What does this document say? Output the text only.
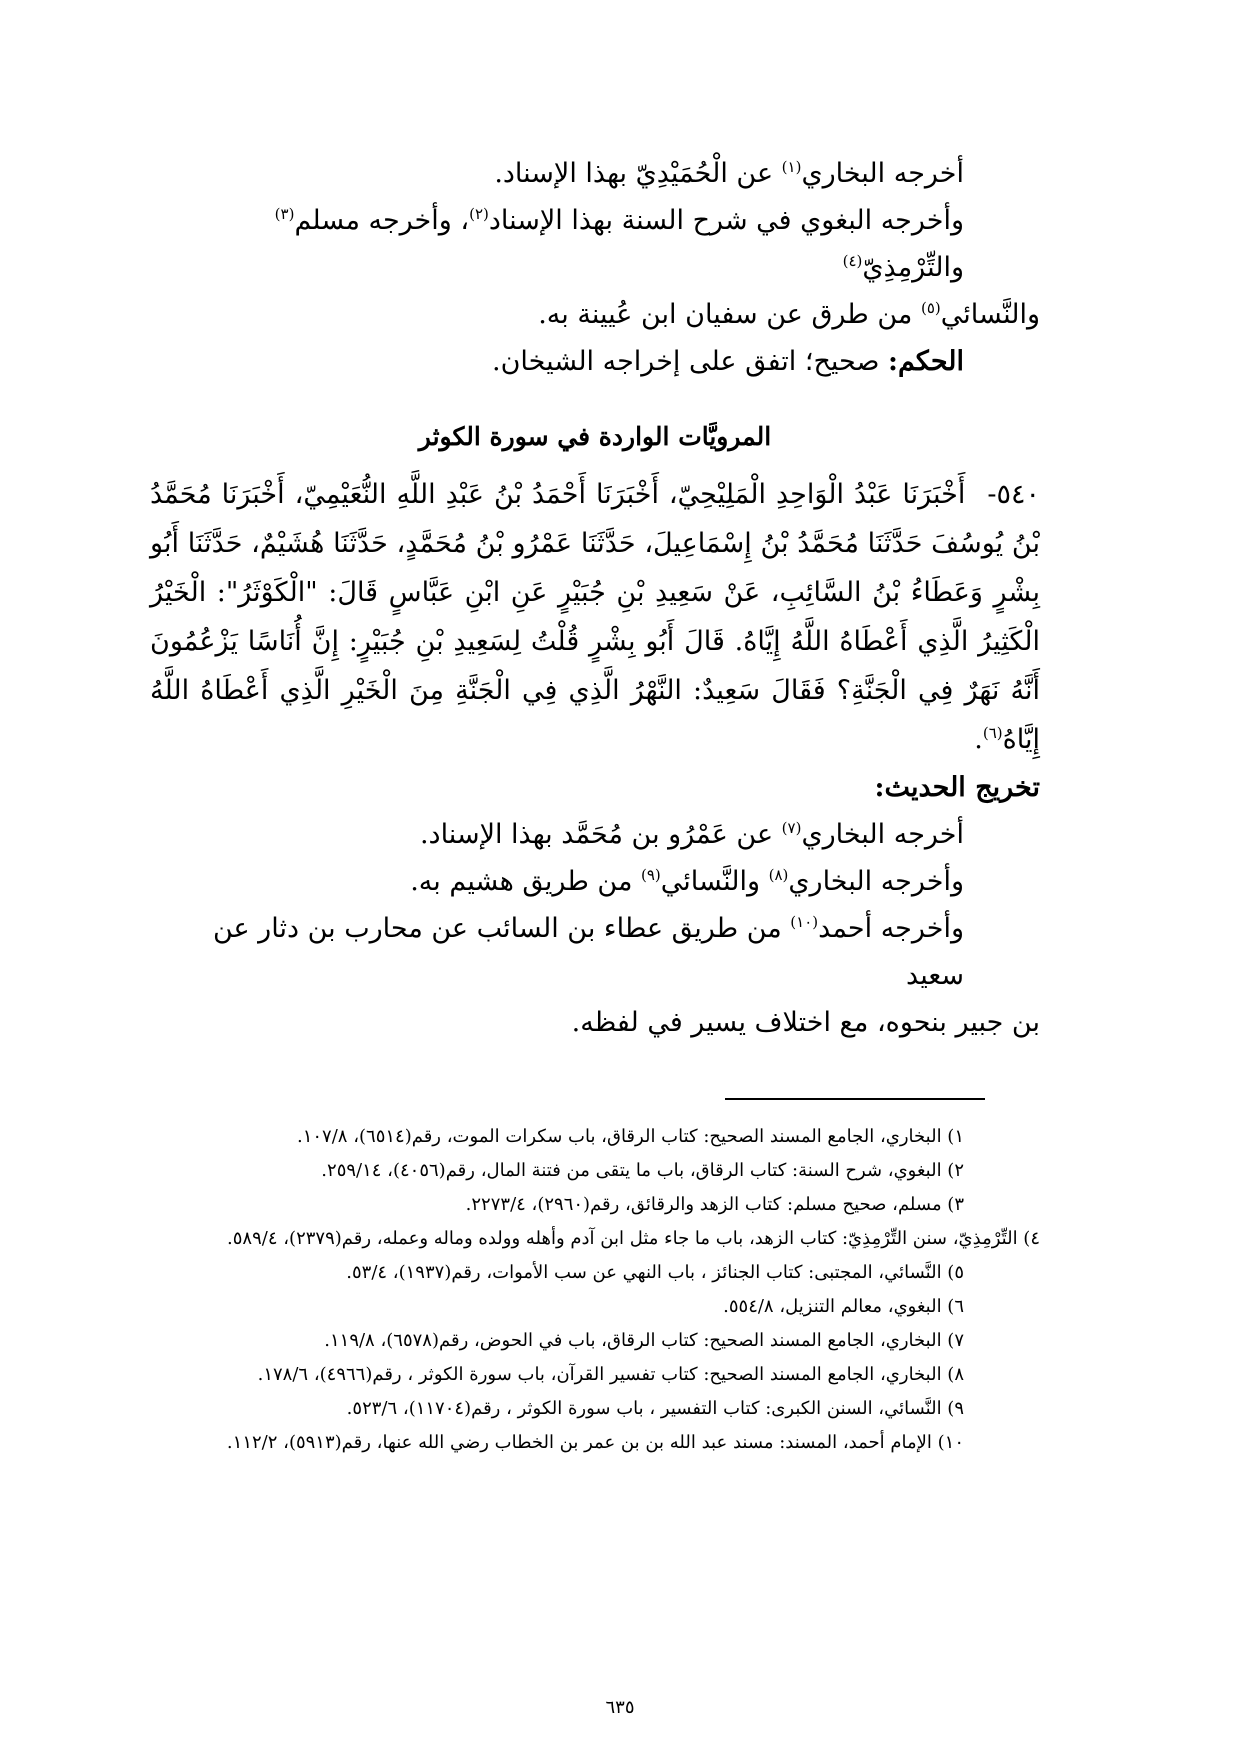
أخرجه البخاري$^{(١)}$ عن الْحُمَيْدِيّ بهذا الإسناد.

وأخرجه البغوي في شرح السنة بهذا الإسناد$^{(٢)}$، وأخرجه مسلم$^{(٣)}$ والتِّرْمِذِيّ$^{(٤)}$

والنَّسائي$^{(٥)}$ من طرق عن سفيان ابن عُيينة به.

الحكم: صحيح؛ اتفق على إخراجه الشيخان.

المرويَّات الواردة في سورة الكوثر

٥٤٠-أَخْبَرَنَا عَبْدُ الْوَاحِدِ الْمَلِيْحِيّ، أَخْبَرَنَا أَحْمَدُ بْنُ عَبْدِ اللَّهِ النُّعَيْمِيّ، أَخْبَرَنَا مُحَمَّدُ بْنُ يُوسُفَ حَدَّثَنَا مُحَمَّدُ بْنُ إِسْمَاعِيلَ، حَدَّثَنَا عَمْرُو بْنُ مُحَمَّدٍ، حَدَّثَنَا هُشَيْمٌ، حَدَّثَنَا أَبُو بِشْرٍ وَعَطَاءُ بْنُ السَّائِبِ، عَنْ سَعِيدِ بْنِ جُبَيْرٍ عَنِ ابْنِ عَبَّاسٍ قَالَ: "الْكَوْثَرُ": الْخَيْرُ الْكَثِيرُ الَّذِي أَعْطَاهُ اللَّهُ إِيَّاهُ. قَالَ أَبُو بِشْرٍ قُلْتُ لِسَعِيدِ بْنِ جُبَيْرٍ: إِنَّ أُنَاسًا يَزْعُمُونَ أَنَّهُ نَهَرٌ فِي الْجَنَّةِ؟ فَقَالَ سَعِيدٌ: النَّهْرُ الَّذِي فِي الْجَنَّةِ مِنَ الْخَيْرِ الَّذِي أَعْطَاهُ اللَّهُ إِيَّاهُ$^{(٦)}$.

تخريج الحديث:

أخرجه البخاري$^{(٧)}$ عن عَمْرُو بن مُحَمَّد بهذا الإسناد.

وأخرجه البخاري$^{(٨)}$ والنَّسائي$^{(٩)}$ من طريق هشيم به.

وأخرجه أحمد$^{(١٠)}$ من طريق عطاء بن السائب عن محارب بن دثار عن سعيد

بن جبير بنحوه، مع اختلاف يسير في لفظه.

١) البخاري، الجامع المسند الصحيح: كتاب الرقاق، باب سكرات الموت، رقم(٦٥١٤)، ١٠٧/٨.

٢) البغوي، شرح السنة: كتاب الرقاق، باب ما يتقى من فتنة المال، رقم(٤٠٥٦)، ٢٥٩/١٤.

٣) مسلم، صحيح مسلم: كتاب الزهد والرقائق، رقم(٢٩٦٠)، ٢٢٧٣/٤.

٤) التِّرْمِذِيّ، سنن التِّرْمِذِيّ: كتاب الزهد، باب ما جاء مثل ابن آدم وأهله وولده وماله وعمله، رقم(٢٣٧٩)، ٥٨٩/٤.

٥) النَّسائي، المجتبى: كتاب الجنائز ، باب النهي عن سب الأموات، رقم(١٩٣٧)، ٥٣/٤.

٦) البغوي، معالم التنزيل، ٥٥٤/٨.

٧) البخاري، الجامع المسند الصحيح: كتاب الرقاق، باب في الحوض، رقم(٦٥٧٨)، ١١٩/٨.

٨) البخاري، الجامع المسند الصحيح: كتاب تفسير القرآن، باب سورة الكوثر ، رقم(٤٩٦٦)، ١٧٨/٦.

٩) النَّسائي، السنن الكبرى: كتاب التفسير ، باب سورة الكوثر ، رقم(١١٧٠٤)، ٥٢٣/٦.

١٠) الإمام أحمد، المسند: مسند عبد الله بن بن عمر بن الخطاب رضي الله عنها، رقم(٥٩١٣)، ١١٢/٢.

٦٣٥
